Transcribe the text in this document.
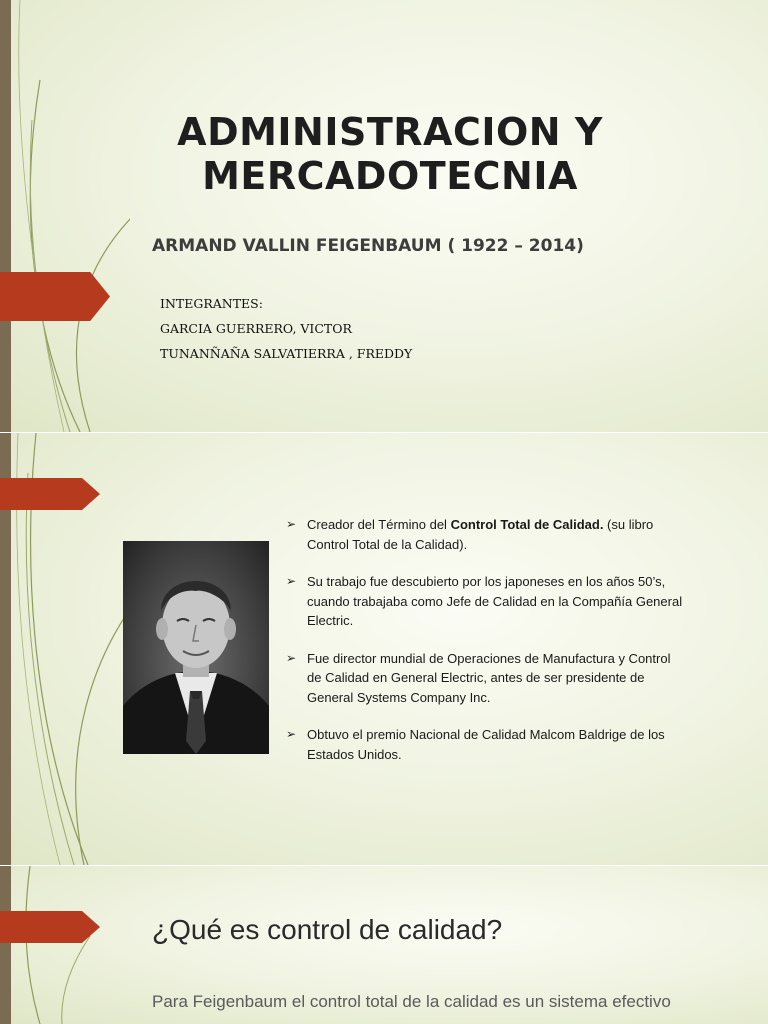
ADMINISTRACION Y
MERCADOTECNIA
ARMAND VALLIN FEIGENBAUM ( 1922 – 2014)
INTEGRANTES:
GARCIA GUERRERO, VICTOR
TUNANÑAÑA SALVATIERRA , FREDDY
➢ Creador del Término del Control Total de Calidad. (su libro Control Total de la Calidad).
➢ Su trabajo fue descubierto por los japoneses en los años 50’s, cuando trabajaba como Jefe de Calidad en la Compañía General Electric.
➢ Fue director mundial de Operaciones de Manufactura y Control de Calidad en General Electric, antes de ser presidente de General Systems Company Inc.
➢ Obtuvo el premio Nacional de Calidad Malcom Baldrige de los Estados Unidos.
¿Qué es control de calidad?
Para Feigenbaum el control total de la calidad es un sistema efectivo
